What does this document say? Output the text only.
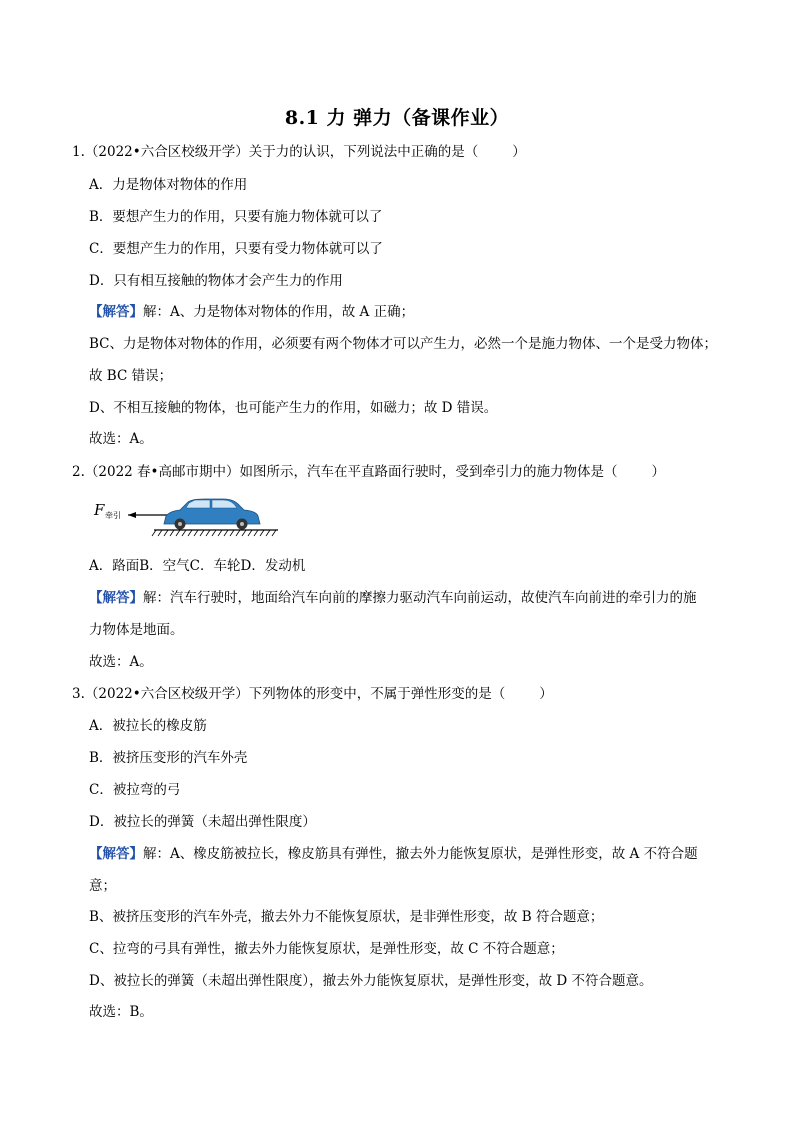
8.1 力 弹力（备课作业）
1.（2022•六合区校级开学）关于力的认识，下列说法中正确的是（	）
A．力是物体对物体的作用
B．要想产生力的作用，只要有施力物体就可以了
C．要想产生力的作用，只要有受力物体就可以了
D．只有相互接触的物体才会产生力的作用
【解答】解：A、力是物体对物体的作用，故 A 正确；
BC、力是物体对物体的作用，必须要有两个物体才可以产生力，必然一个是施力物体、一个是受力物体；
故 BC 错误；
D、不相互接触的物体，也可能产生力的作用，如磁力；故 D 错误。
故选：A。
2.（2022 春•高邮市期中）如图所示，汽车在平直路面行驶时，受到牵引力的施力物体是（	）
F 牵引
A．路面B．空气C．车轮D．发动机
【解答】解：汽车行驶时，地面给汽车向前的摩擦力驱动汽车向前运动，故使汽车向前进的牵引力的施
力物体是地面。
故选：A。
3.（2022•六合区校级开学）下列物体的形变中，不属于弹性形变的是（	）
A．被拉长的橡皮筋
B．被挤压变形的汽车外壳
C．被拉弯的弓
D．被拉长的弹簧（未超出弹性限度）
【解答】解：A、橡皮筋被拉长，橡皮筋具有弹性，撤去外力能恢复原状，是弹性形变，故 A 不符合题
意；
B、被挤压变形的汽车外壳，撤去外力不能恢复原状，是非弹性形变，故 B 符合题意；
C、拉弯的弓具有弹性，撤去外力能恢复原状，是弹性形变，故 C 不符合题意；
D、被拉长的弹簧（未超出弹性限度），撤去外力能恢复原状，是弹性形变，故 D 不符合题意。
故选：B。
